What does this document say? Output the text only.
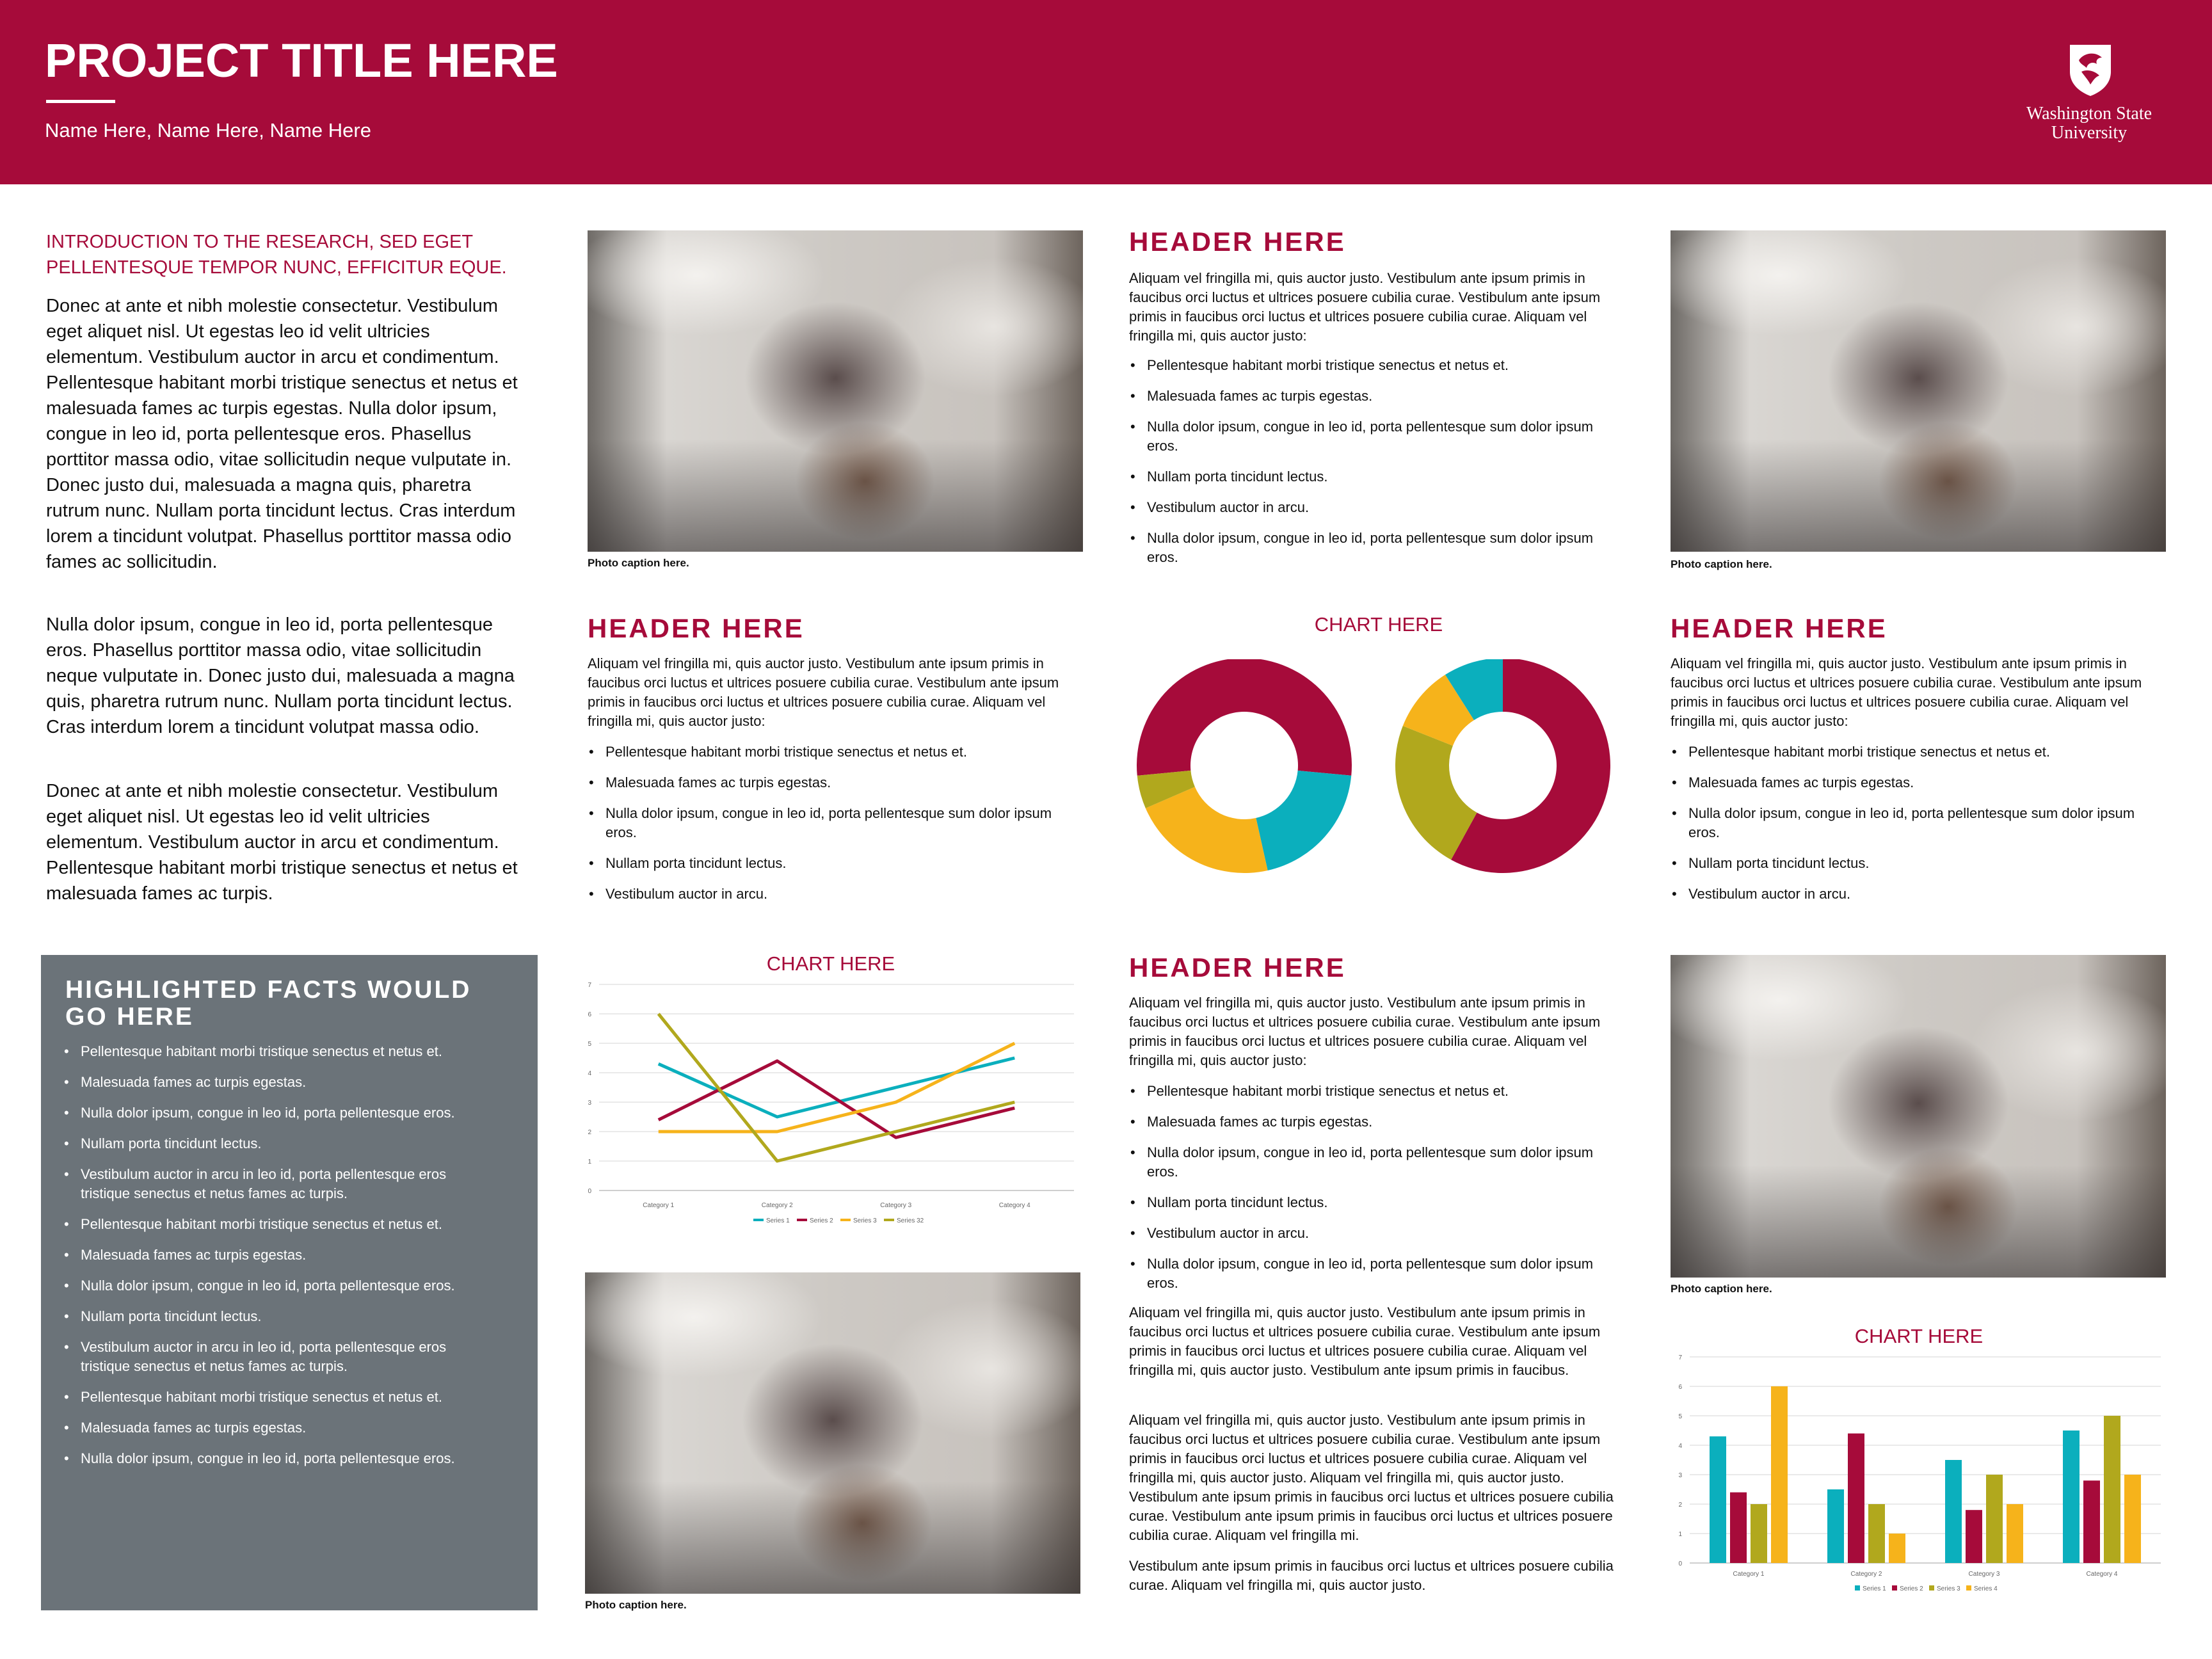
PROJECT TITLE HERE
Name Here, Name Here, Name Here
Washington State
University
INTRODUCTION TO THE RESEARCH, SED EGET PELLENTESQUE TEMPOR NUNC, EFFICITUR EQUE.

Donec at ante et nibh molestie consectetur. Vestibulum eget aliquet nisl. Ut egestas leo id velit ultricies elementum. Vestibulum auctor in arcu et condimentum. Pellentesque habitant morbi tristique senectus et netus et malesuada fames ac turpis egestas. Nulla dolor ipsum, congue in leo id, porta pellentesque eros. Phasellus porttitor massa odio, vitae sollicitudin neque vulputate in. Donec justo dui, malesuada a magna quis, pharetra rutrum nunc. Nullam porta tincidunt lectus. Cras interdum lorem a tincidunt volutpat. Phasellus porttitor massa odio fames ac sollicitudin.

Nulla dolor ipsum, congue in leo id, porta pellentesque eros. Phasellus porttitor massa odio, vitae sollicitudin neque vulputate in. Donec justo dui, malesuada a magna quis, pharetra rutrum nunc. Nullam porta tincidunt lectus. Cras interdum lorem a tincidunt volutpat massa odio.

Donec at ante et nibh molestie consectetur. Vestibulum eget aliquet nisl. Ut egestas leo id velit ultricies elementum. Vestibulum auctor in arcu et condimentum. Pellentesque habitant morbi tristique senectus et netus et malesuada fames ac turpis.

Photo caption here.
HEADER HERE

Aliquam vel fringilla mi, quis auctor justo. Vestibulum ante ipsum primis in faucibus orci luctus et ultrices posuere cubilia curae. Vestibulum ante ipsum primis in faucibus orci luctus et ultrices posuere cubilia curae. Aliquam vel fringilla mi, quis auctor justo:

• Pellentesque habitant morbi tristique senectus et netus et.
• Malesuada fames ac turpis egestas.
• Nulla dolor ipsum, congue in leo id, porta pellentesque sum dolor ipsum eros.
• Nullam porta tincidunt lectus.
• Vestibulum auctor in arcu.
• Nulla dolor ipsum, congue in leo id, porta pellentesque sum dolor ipsum eros.	Photo caption here.
HEADER HERE

Aliquam vel fringilla mi, quis auctor justo. Vestibulum ante ipsum primis in faucibus orci luctus et ultrices posuere cubilia curae. Vestibulum ante ipsum primis in faucibus orci luctus et ultrices posuere cubilia curae. Aliquam vel fringilla mi, quis auctor justo:

• Pellentesque habitant morbi tristique senectus et netus et.
• Malesuada fames ac turpis egestas.
• Nulla dolor ipsum, congue in leo id, porta pellentesque sum dolor ipsum eros.
• Nullam porta tincidunt lectus.
• Vestibulum auctor in arcu.
CHART HERE	HEADER HERE

Aliquam vel fringilla mi, quis auctor justo. Vestibulum ante ipsum primis in faucibus orci luctus et ultrices posuere cubilia curae. Vestibulum ante ipsum primis in faucibus orci luctus et ultrices posuere cubilia curae. Aliquam vel fringilla mi, quis auctor justo:

• Pellentesque habitant morbi tristique senectus et netus et.
• Malesuada fames ac turpis egestas.
• Nulla dolor ipsum, congue in leo id, porta pellentesque sum dolor ipsum eros.
• Nullam porta tincidunt lectus.
• Vestibulum auctor in arcu.
HIGHLIGHTED FACTS WOULD GO HERE
• Pellentesque habitant morbi tristique senectus et netus et.
• Malesuada fames ac turpis egestas.
• Nulla dolor ipsum, congue in leo id, porta pellentesque eros.
• Nullam porta tincidunt lectus.
• Vestibulum auctor in arcu in leo id, porta pellentesque eros tristique senectus et netus fames ac turpis.
• Pellentesque habitant morbi tristique senectus et netus et.
• Malesuada fames ac turpis egestas.
• Nulla dolor ipsum, congue in leo id, porta pellentesque eros.
• Nullam porta tincidunt lectus.
• Vestibulum auctor in arcu in leo id, porta pellentesque eros tristique senectus et netus fames ac turpis.
• Pellentesque habitant morbi tristique senectus et netus et.
• Malesuada fames ac turpis egestas.
• Nulla dolor ipsum, congue in leo id, porta pellentesque eros.
CHART HERE
0
1
2
3
4
5
6
7
Category 1	Category 2	Category 3	Category 4
Series 1	Series 2	Series 3	Series 32
Photo caption here.
HEADER HERE

Aliquam vel fringilla mi, quis auctor justo. Vestibulum ante ipsum primis in faucibus orci luctus et ultrices posuere cubilia curae. Vestibulum ante ipsum primis in faucibus orci luctus et ultrices posuere cubilia curae. Aliquam vel fringilla mi, quis auctor justo:

• Pellentesque habitant morbi tristique senectus et netus et.
• Malesuada fames ac turpis egestas.
• Nulla dolor ipsum, congue in leo id, porta pellentesque sum dolor ipsum eros.
• Nullam porta tincidunt lectus.
• Vestibulum auctor in arcu.
• Nulla dolor ipsum, congue in leo id, porta pellentesque sum dolor ipsum eros.

Aliquam vel fringilla mi, quis auctor justo. Vestibulum ante ipsum primis in faucibus orci luctus et ultrices posuere cubilia curae. Vestibulum ante ipsum primis in faucibus orci luctus et ultrices posuere cubilia curae. Aliquam vel fringilla mi, quis auctor justo. Vestibulum ante ipsum primis in faucibus.

Aliquam vel fringilla mi, quis auctor justo. Vestibulum ante ipsum primis in faucibus orci luctus et ultrices posuere cubilia curae. Vestibulum ante ipsum primis in faucibus orci luctus et ultrices posuere cubilia curae. Aliquam vel fringilla mi, quis auctor justo. Aliquam vel fringilla mi, quis auctor justo. Vestibulum ante ipsum primis in faucibus orci luctus et ultrices posuere cubilia curae. Vestibulum ante ipsum primis in faucibus orci luctus et ultrices posuere cubilia curae. Aliquam vel fringilla mi.

Vestibulum ante ipsum primis in faucibus orci luctus et ultrices posuere cubilia curae. Aliquam vel fringilla mi, quis auctor justo.

Photo caption here.
CHART HERE
0
1
2
3
4
5
6
7
Category 1	Category 2	Category 3	Category 4
Series 1 Series 2 Series 3 Series 4
